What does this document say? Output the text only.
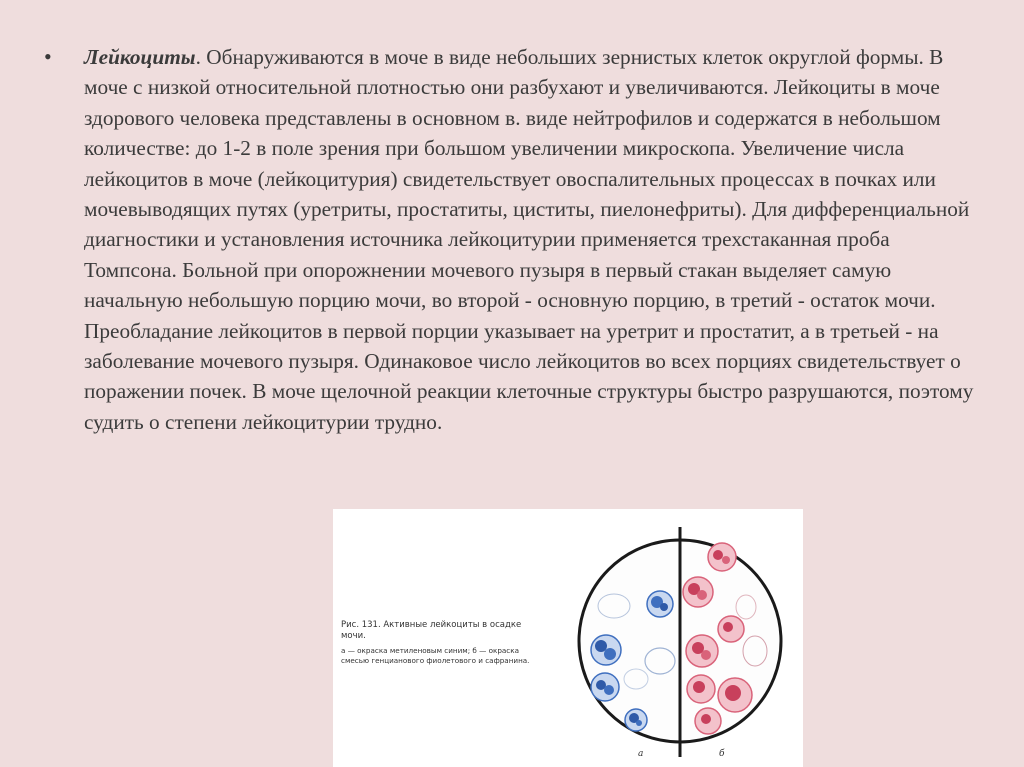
• Лейкоциты. Обнаруживаются в моче в виде небольших зернистых клеток округлой формы. В моче с низкой относительной плотностью они разбухают и увеличиваются. Лейкоциты в моче здорового человека представлены в основном в. виде нейтрофилов и содержатся в небольшом количестве: до 1-2 в поле зрения при большом увеличении микроскопа. Увеличение числа лейкоцитов в моче (лейкоцитурия) свидетельствует овоспалительных процессах в почках или мочевыводящих путях (уретриты, простатиты, циститы, пиелонефриты). Для дифференциальной диагностики и установления источника лейкоцитурии применяется трехстаканная проба Томпсона. Больной при опорожнении мочевого пузыря в первый стакан выделяет самую начальную небольшую порцию мочи, во второй - основную порцию, в третий - остаток мочи. Преобладание лейкоцитов в первой порции указывает на уретрит и простатит, а в третьей - на заболевание мочевого пузыря. Одинаковое число лейкоцитов во всех порциях свидетельствует о поражении почек. В моче щелочной реакции клеточные структуры быстро разрушаются, поэтому судить о степени лейкоцитурии трудно.
а	б
Рис. 131. Активные лейкоциты в осадке мочи.
а — окраска метиленовым синим; б — окраска смесью генцианового фиолетового и сафранина.
